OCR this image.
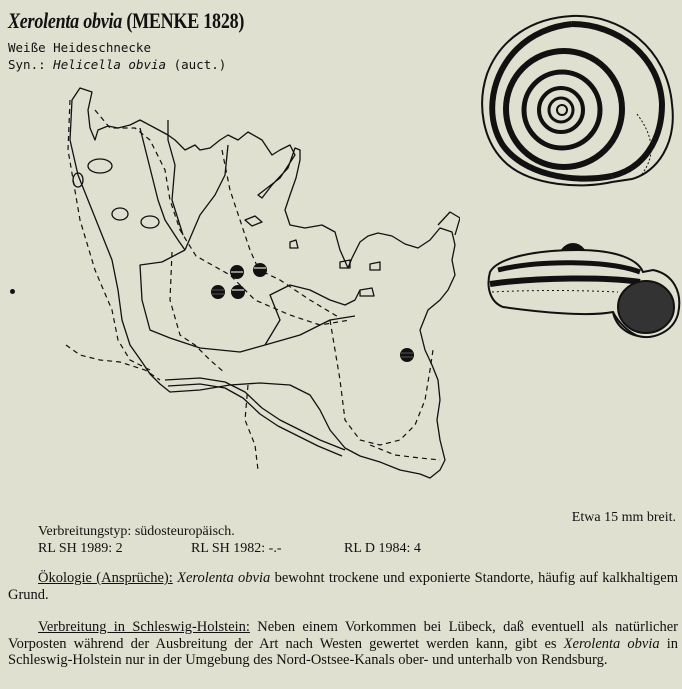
Xerolenta obvia (MENKE 1828)
Weiße Heideschnecke
Syn.: Helicella obvia (auct.)
Etwa 15 mm breit.
Verbreitungstyp: südosteuropäisch.
RL SH 1989: 2	RL SH 1982: -.-	RL D 1984: 4
Ökologie (Ansprüche): Xerolenta obvia bewohnt trockene und exponierte Standorte, häufig auf kalkhaltigem Grund.
Verbreitung in Schleswig-Holstein: Neben einem Vorkommen bei Lübeck, daß eventuell als natürlicher Vorposten während der Ausbreitung der Art nach Westen gewertet werden kann, gibt es Xerolenta obvia in Schleswig-Holstein nur in der Umgebung des Nord-Ostsee-Kanals ober- und unterhalb von Rendsburg.
